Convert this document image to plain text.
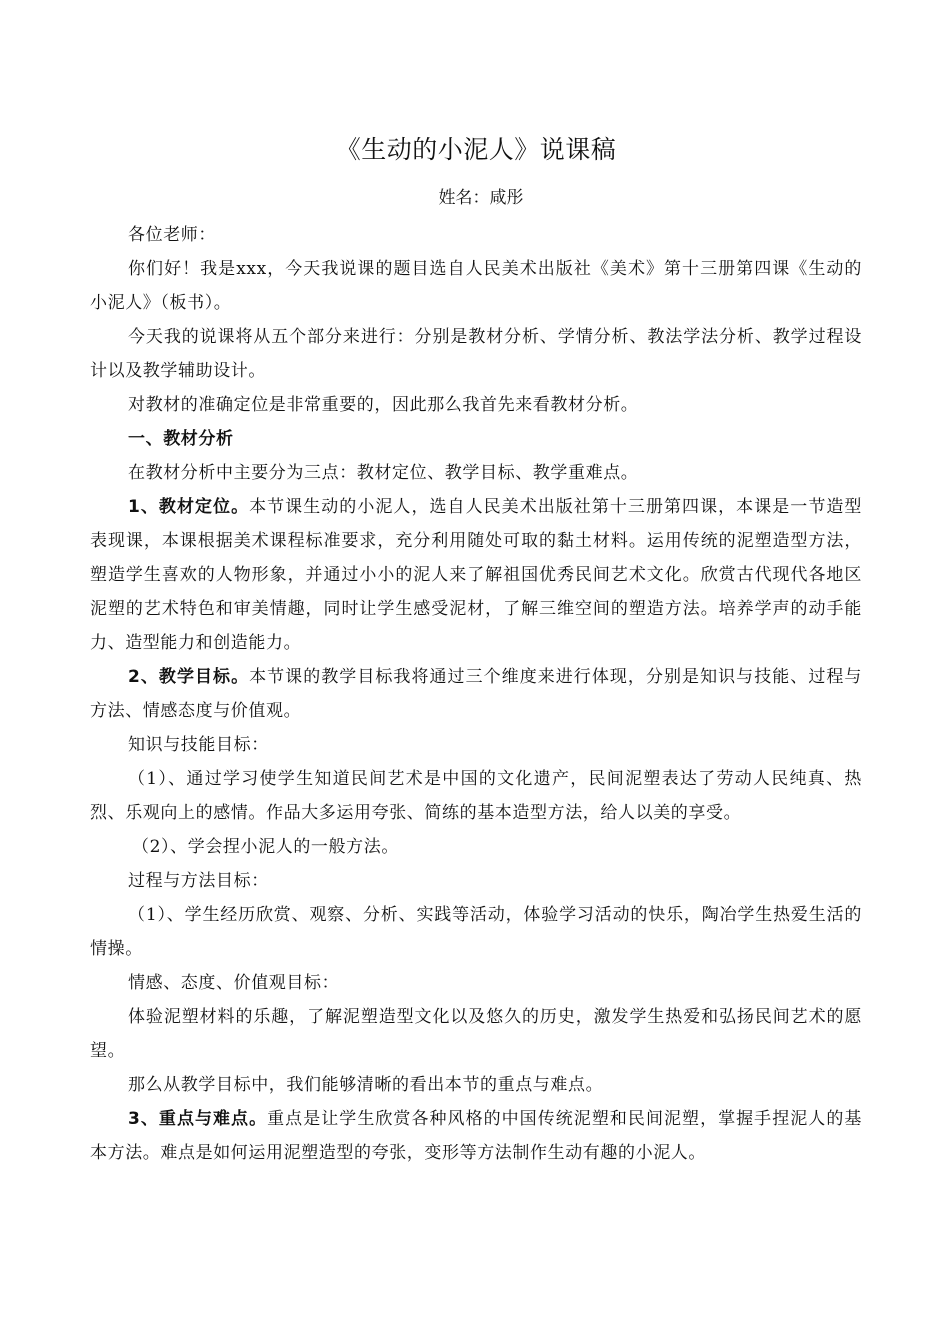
《生动的小泥人》说课稿
姓名：咸彤

各位老师：

你们好！我是xxx，今天我说课的题目选自人民美术出版社《美术》第十三册第四课《生动的小泥人》（板书）。

今天我的说课将从五个部分来进行：分别是教材分析、学情分析、教法学法分析、教学过程设计以及教学辅助设计。

对教材的准确定位是非常重要的，因此那么我首先来看教材分析。

一、教材分析

在教材分析中主要分为三点：教材定位、教学目标、教学重难点。

1、教材定位。本节课生动的小泥人，选自人民美术出版社第十三册第四课，本课是一节造型表现课，本课根据美术课程标准要求，充分利用随处可取的黏土材料。运用传统的泥塑造型方法，塑造学生喜欢的人物形象，并通过小小的泥人来了解祖国优秀民间艺术文化。欣赏古代现代各地区泥塑的艺术特色和审美情趣，同时让学生感受泥材，了解三维空间的塑造方法。培养学声的动手能力、造型能力和创造能力。

2、教学目标。本节课的教学目标我将通过三个维度来进行体现，分别是知识与技能、过程与方法、情感态度与价值观。

知识与技能目标：

（1）、通过学习使学生知道民间艺术是中国的文化遗产，民间泥塑表达了劳动人民纯真、热烈、乐观向上的感情。作品大多运用夸张、简练的基本造型方法，给人以美的享受。

（2）、学会捏小泥人的一般方法。

过程与方法目标：

（1）、学生经历欣赏、观察、分析、实践等活动，体验学习活动的快乐，陶冶学生热爱生活的情操。

情感、态度、价值观目标：

体验泥塑材料的乐趣，了解泥塑造型文化以及悠久的历史，激发学生热爱和弘扬民间艺术的愿望。

那么从教学目标中，我们能够清晰的看出本节的重点与难点。

3、重点与难点。重点是让学生欣赏各种风格的中国传统泥塑和民间泥塑，掌握手捏泥人的基本方法。难点是如何运用泥塑造型的夸张，变形等方法制作生动有趣的小泥人。
